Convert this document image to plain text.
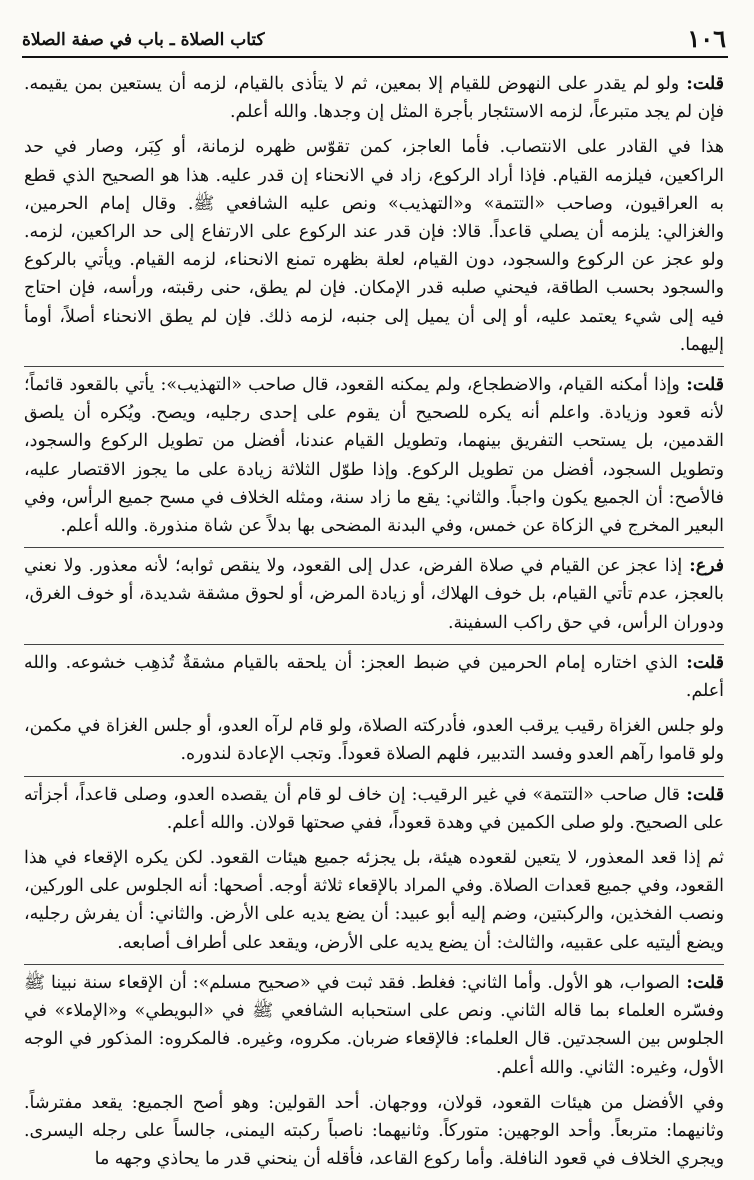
١٠٦
كتاب الصلاة ـ باب في صفة الصلاة

قلت: ولو لم يقدر على النهوض للقيام إلا بمعين، ثم لا يتأذى بالقيام، لزمه أن يستعين بمن يقيمه. فإن لم يجد متبرعاً، لزمه الاستئجار بأجرة المثل إن وجدها. والله أعلم.

هذا في القادر على الانتصاب. فأما العاجز، كمن تقوّس ظهره لزمانة، أو كِبَر، وصار في حد الراكعين، فيلزمه القيام. فإذا أراد الركوع، زاد في الانحناء إن قدر عليه. هذا هو الصحيح الذي قطع به العراقيون، وصاحب «التتمة» و«التهذيب» ونص عليه الشافعي ﷺ. وقال إمام الحرمين، والغزالي: يلزمه أن يصلي قاعداً. قالا: فإن قدر عند الركوع على الارتفاع إلى حد الراكعين، لزمه. ولو عجز عن الركوع والسجود، دون القيام، لعلة بظهره تمنع الانحناء، لزمه القيام. ويأتي بالركوع والسجود بحسب الطاقة، فيحني صلبه قدر الإمكان. فإن لم يطق، حنى رقبته، ورأسه، فإن احتاج فيه إلى شيء يعتمد عليه، أو إلى أن يميل إلى جنبه، لزمه ذلك. فإن لم يطق الانحناء أصلاً، أومأ إليهما.

قلت: وإذا أمكنه القيام، والاضطجاع، ولم يمكنه القعود، قال صاحب «التهذيب»: يأتي بالقعود قائماً؛ لأنه قعود وزيادة. واعلم أنه يكره للصحيح أن يقوم على إحدى رجليه، ويصح. ويُكره أن يلصق القدمين، بل يستحب التفريق بينهما، وتطويل القيام عندنا، أفضل من تطويل الركوع والسجود، وتطويل السجود، أفضل من تطويل الركوع. وإذا طوّل الثلاثة زيادة على ما يجوز الاقتصار عليه، فالأصح: أن الجميع يكون واجباً. والثاني: يقع ما زاد سنة، ومثله الخلاف في مسح جميع الرأس، وفي البعير المخرج في الزكاة عن خمس، وفي البدنة المضحى بها بدلاً عن شاة منذورة. والله أعلم.

فرع: إذا عجز عن القيام في صلاة الفرض، عدل إلى القعود، ولا ينقص ثوابه؛ لأنه معذور. ولا نعني بالعجز، عدم تأتي القيام، بل خوف الهلاك، أو زيادة المرض، أو لحوق مشقة شديدة، أو خوف الغرق، ودوران الرأس، في حق راكب السفينة.

قلت: الذي اختاره إمام الحرمين في ضبط العجز: أن يلحقه بالقيام مشقةٌ تُذهِب خشوعه. والله أعلم.

ولو جلس الغزاة رقيب يرقب العدو، فأدركته الصلاة، ولو قام لرآه العدو، أو جلس الغزاة في مكمن، ولو قاموا رآهم العدو وفسد التدبير، فلهم الصلاة قعوداً. وتجب الإعادة لندوره.

قلت: قال صاحب «التتمة» في غير الرقيب: إن خاف لو قام أن يقصده العدو، وصلى قاعداً، أجزأته على الصحيح. ولو صلى الكمين في وهدة قعوداً، ففي صحتها قولان. والله أعلم.

ثم إذا قعد المعذور، لا يتعين لقعوده هيئة، بل يجزئه جميع هيئات القعود. لكن يكره الإقعاء في هذا القعود، وفي جميع قعدات الصلاة. وفي المراد بالإقعاء ثلاثة أوجه. أصحها: أنه الجلوس على الوركين، ونصب الفخذين، والركبتين، وضم إليه أبو عبيد: أن يضع يديه على الأرض. والثاني: أن يفرش رجليه، ويضع أليتيه على عقبيه، والثالث: أن يضع يديه على الأرض، ويقعد على أطراف أصابعه.

قلت: الصواب، هو الأول. وأما الثاني: فغلط. فقد ثبت في «صحيح مسلم»: أن الإقعاء سنة نبينا ﷺ وفسّره العلماء بما قاله الثاني. ونص على استحبابه الشافعي ﷺ في «البويطي» و«الإملاء» في الجلوس بين السجدتين. قال العلماء: فالإقعاء ضربان. مكروه، وغيره. فالمكروه: المذكور في الوجه الأول، وغيره: الثاني. والله أعلم.

وفي الأفضل من هيئات القعود، قولان، ووجهان. أحد القولين: وهو أصح الجميع: يقعد مفترشاً. وثانيهما: متربعاً. وأحد الوجهين: متوركاً. وثانيهما: ناصباً ركبته اليمنى، جالساً على رجله اليسرى. ويجري الخلاف في قعود النافلة. وأما ركوع القاعد، فأقله أن ينحني قدر ما يحاذي وجهه ما
